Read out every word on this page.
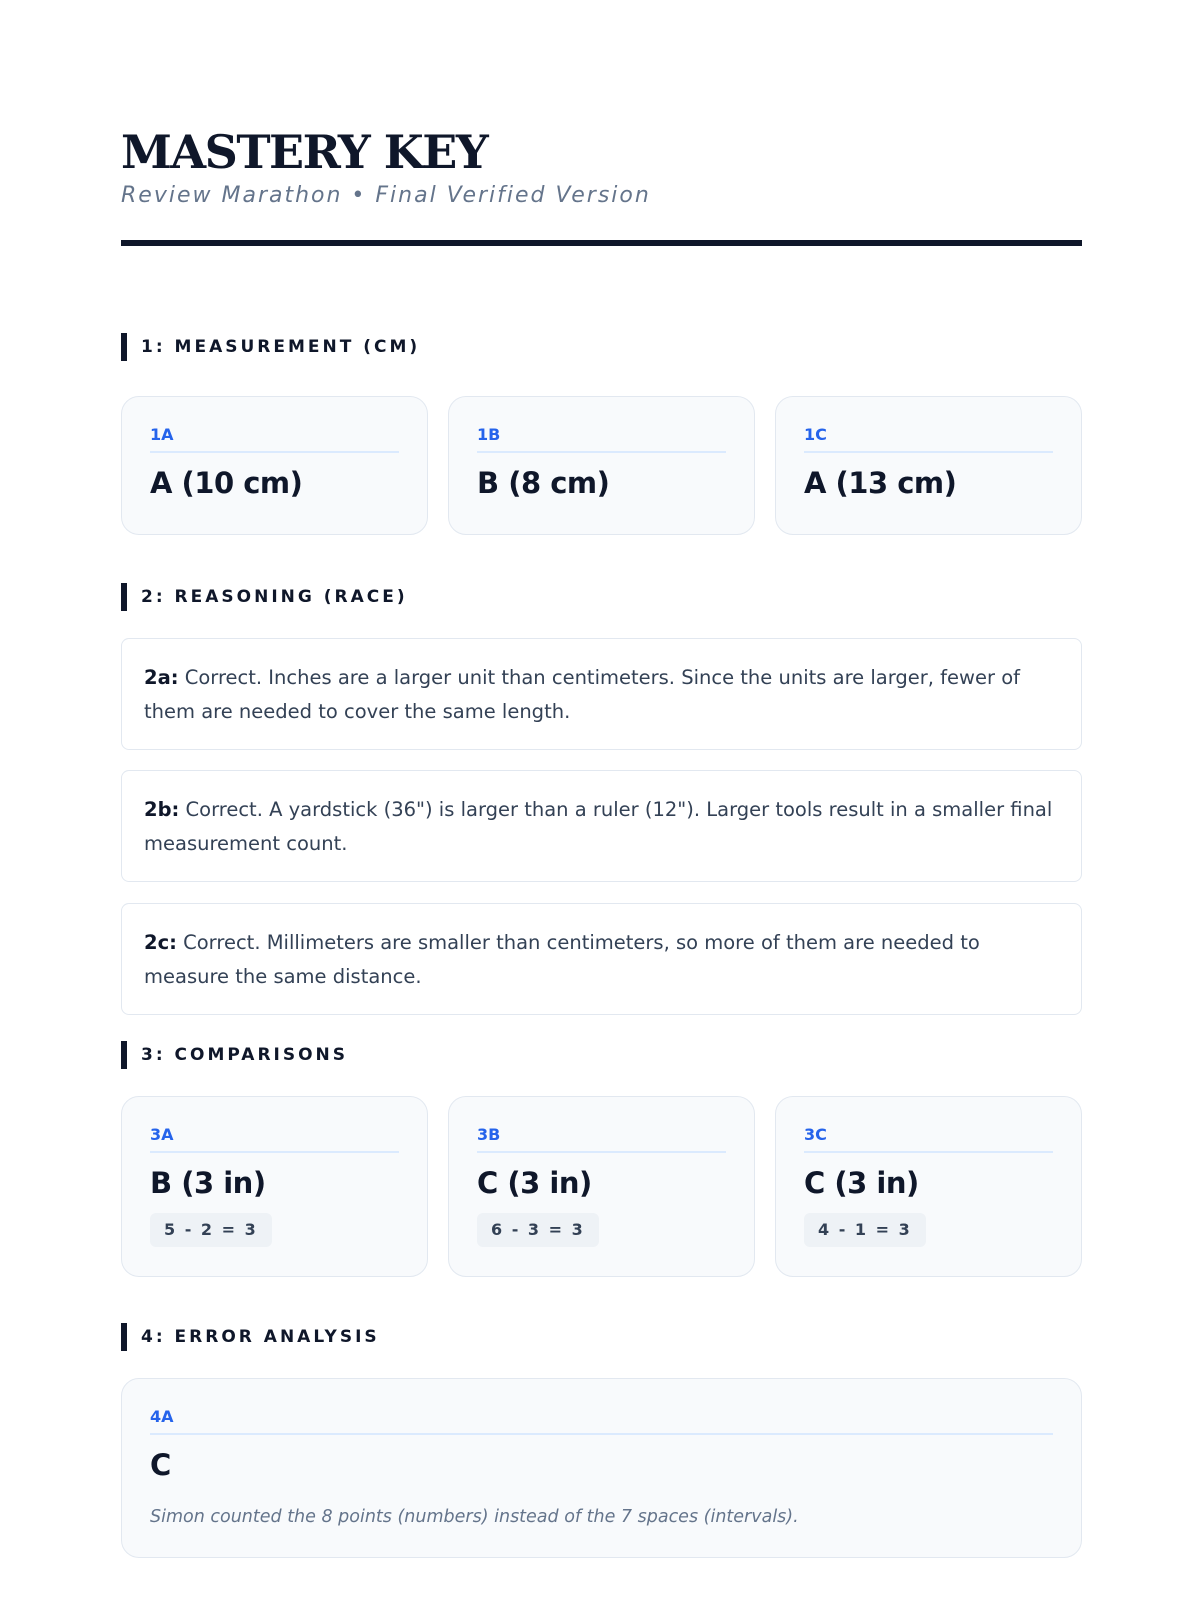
MASTERY KEY
Review Marathon • Final Verified Version
1: MEASUREMENT (CM)
1A
A (10 cm)
1B
B (8 cm)
1C
A (13 cm)
2: REASONING (RACE)
2a: Correct. Inches are a larger unit than centimeters. Since the units are larger, fewer of them are needed to cover the same length.
2b: Correct. A yardstick (36") is larger than a ruler (12"). Larger tools result in a smaller final measurement count.
2c: Correct. Millimeters are smaller than centimeters, so more of them are needed to measure the same distance.
3: COMPARISONS
3A
B (3 in)
5 - 2 = 3
3B
C (3 in)
6 - 3 = 3
3C
C (3 in)
4 - 1 = 3
4: ERROR ANALYSIS
4A
C
Simon counted the 8 points (numbers) instead of the 7 spaces (intervals).
